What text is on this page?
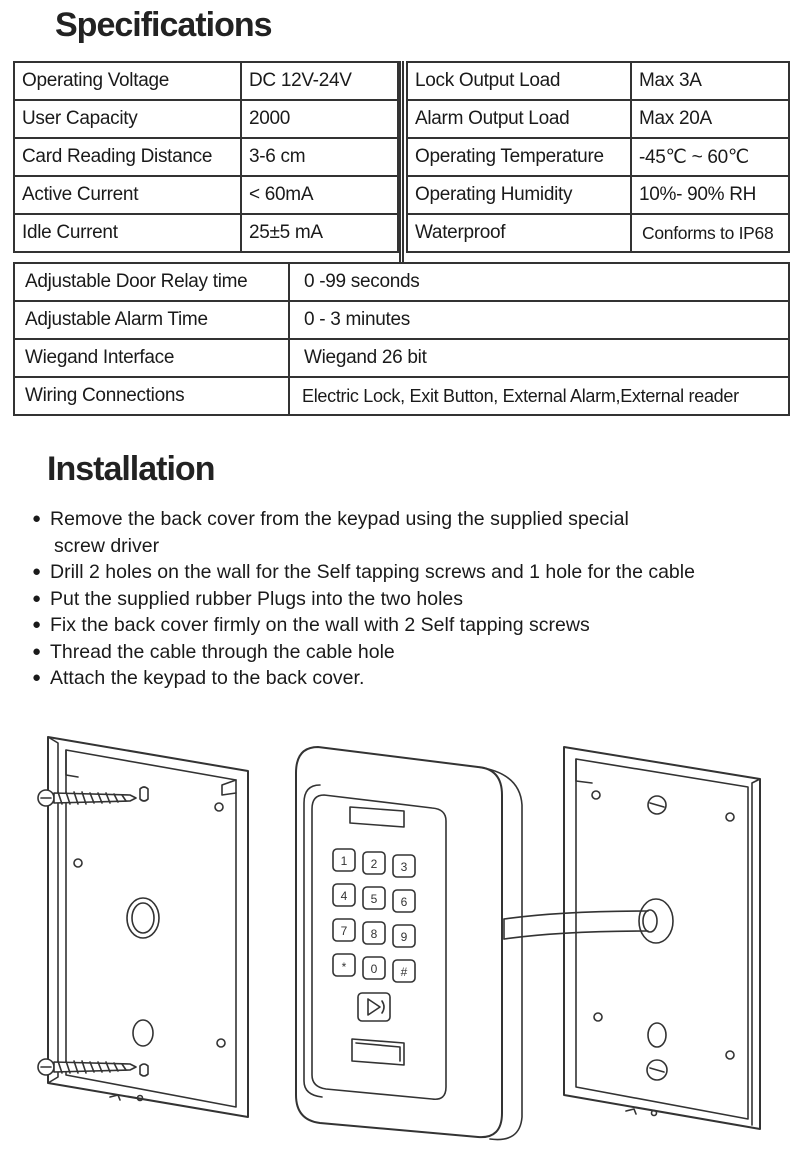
Specifications
Operating Voltage	DC 12V-24V
User Capacity	2000
Card Reading Distance	3-6 cm
Active Current	< 60mA
Idle Current	25±5 mA
Lock Output Load	Max 3A
Alarm Output Load	Max 20A
Operating Temperature	-45℃ ~ 60℃
Operating Humidity	10%- 90% RH
Waterproof	Conforms to IP68
Adjustable Door Relay time	0 -99 seconds
Adjustable Alarm Time	0 - 3 minutes
Wiegand Interface	Wiegand 26 bit
Wiring Connections	Electric Lock, Exit Button, External Alarm,External reader
Installation
● Remove the back cover from the keypad using the supplied special
screw driver
● Drill 2 holes on the wall for the Self tapping screws and 1 hole for the cable
● Put the supplied rubber Plugs into the two holes
● Fix the back cover firmly on the wall with 2 Self tapping screws
● Thread the cable through the cable hole
● Attach the keypad to the back cover.
1 2 3
4 5 6
7 8 9
* 0 #
